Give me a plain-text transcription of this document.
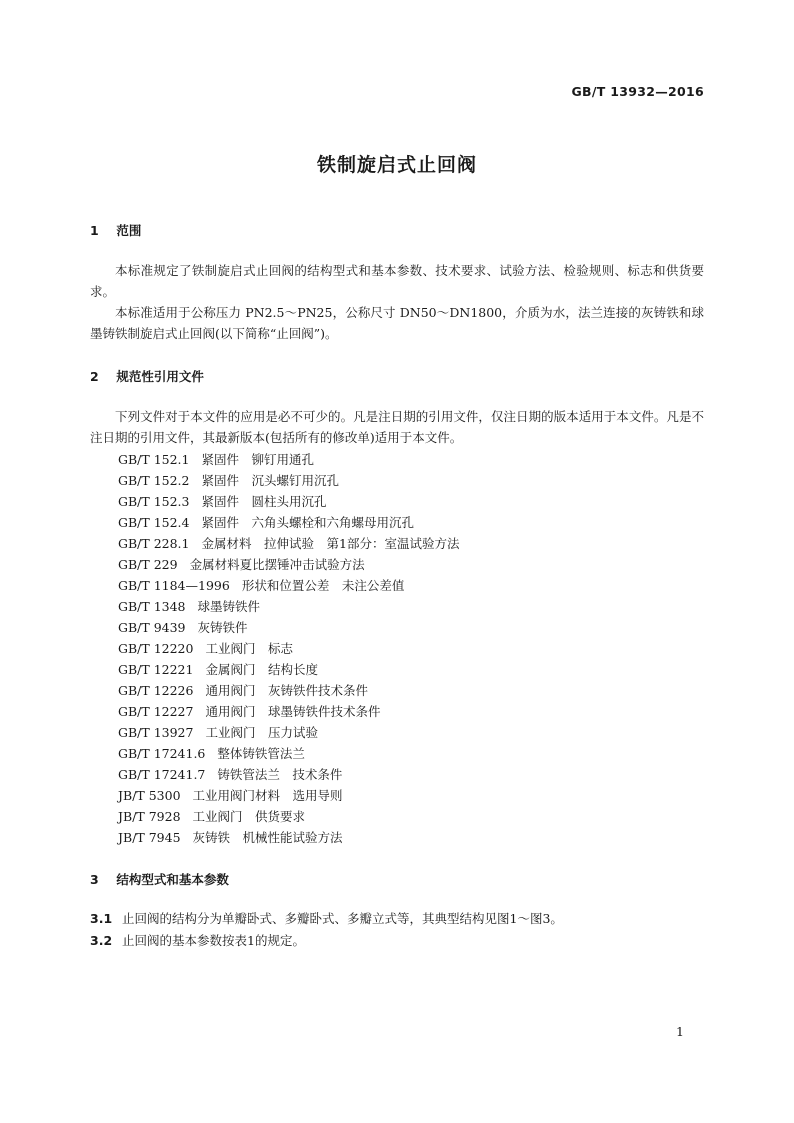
GB/T 13932—2016
铁制旋启式止回阀
1 范围

本标准规定了铁制旋启式止回阀的结构型式和基本参数、技术要求、试验方法、检验规则、标志和供货要求。

本标准适用于公称压力 PN2.5～PN25，公称尺寸 DN50～DN1800，介质为水，法兰连接的灰铸铁和球墨铸铁制旋启式止回阀(以下简称“止回阀”)。

2 规范性引用文件

下列文件对于本文件的应用是必不可少的。凡是注日期的引用文件，仅注日期的版本适用于本文件。凡是不注日期的引用文件，其最新版本(包括所有的修改单)适用于本文件。

GB/T 152.1 紧固件　铆钉用通孔
GB/T 152.2 紧固件　沉头螺钉用沉孔
GB/T 152.3 紧固件　圆柱头用沉孔
GB/T 152.4 紧固件　六角头螺栓和六角螺母用沉孔
GB/T 228.1 金属材料　拉伸试验　第1部分：室温试验方法
GB/T 229 金属材料夏比摆锤冲击试验方法
GB/T 1184—1996 形状和位置公差　未注公差值
GB/T 1348 球墨铸铁件
GB/T 9439 灰铸铁件
GB/T 12220 工业阀门　标志
GB/T 12221 金属阀门　结构长度
GB/T 12226 通用阀门　灰铸铁件技术条件
GB/T 12227 通用阀门　球墨铸铁件技术条件
GB/T 13927 工业阀门　压力试验
GB/T 17241.6 整体铸铁管法兰
GB/T 17241.7 铸铁管法兰　技术条件
JB/T 5300 工业用阀门材料　选用导则
JB/T 7928 工业阀门　供货要求
JB/T 7945 灰铸铁　机械性能试验方法
3 结构型式和基本参数
3.1 止回阀的结构分为单瓣卧式、多瓣卧式、多瓣立式等，其典型结构见图1～图3。
3.2 止回阀的基本参数按表1的规定。
1
